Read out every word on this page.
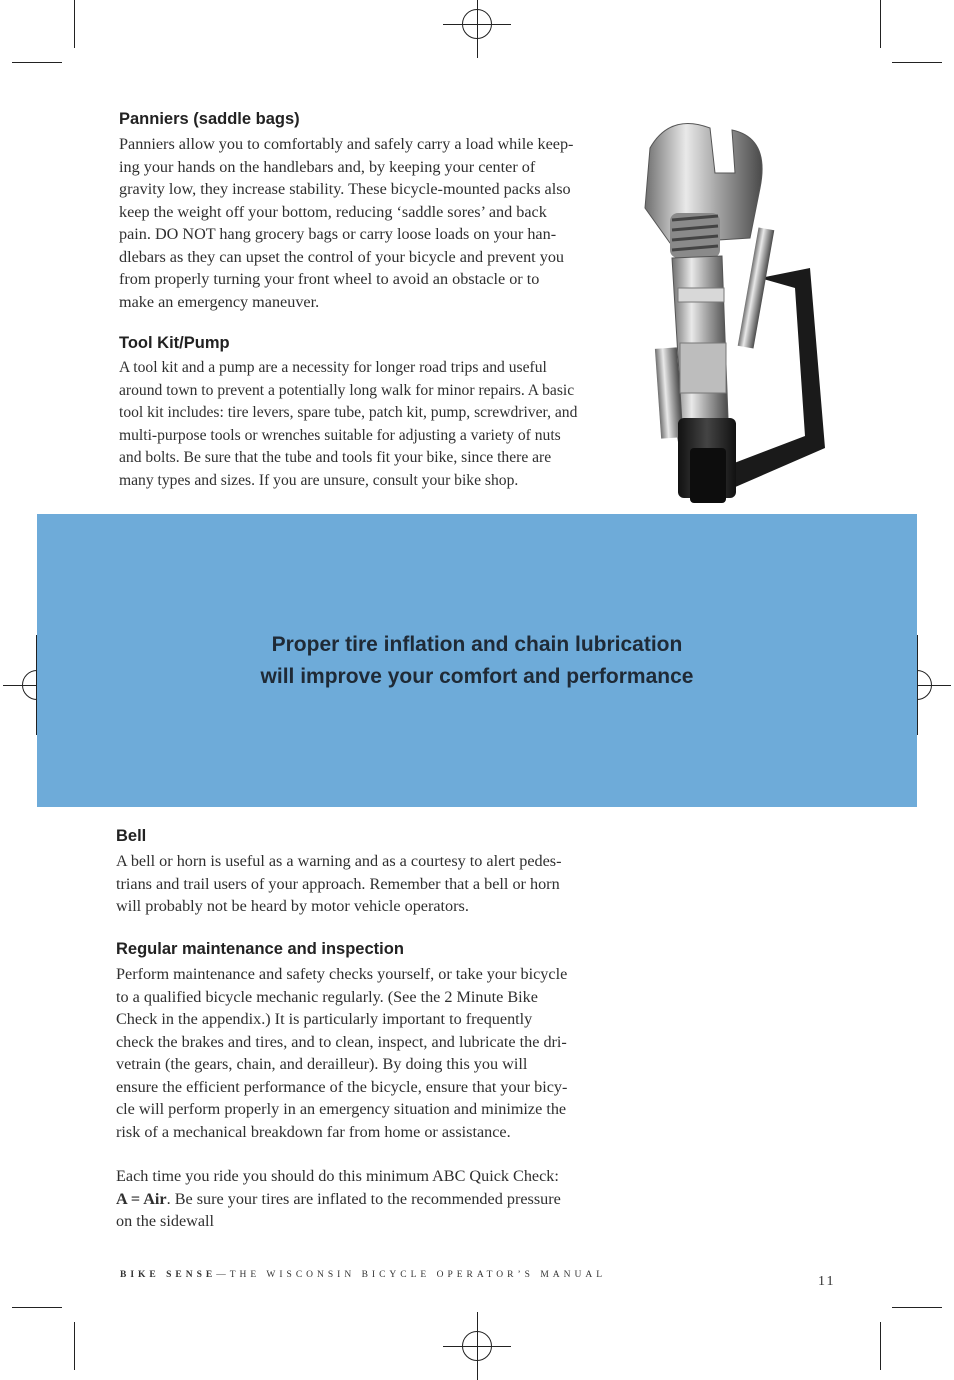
Panniers (saddle bags)

Panniers allow you to comfortably and safely carry a load while keep-
ing your hands on the handlebars and, by keeping your center of
gravity low, they increase stability. These bicycle-mounted packs also
keep the weight off your bottom, reducing ‘saddle sores’ and back
pain. DO NOT hang grocery bags or carry loose loads on your han-
dlebars as they can upset the control of your bicycle and prevent you
from properly turning your front wheel to avoid an obstacle or to
make an emergency maneuver.

Tool Kit/Pump

A tool kit and a pump are a necessity for longer road trips and useful
around town to prevent a potentially long walk for minor repairs. A basic
tool kit includes: tire levers, spare tube, patch kit, pump, screwdriver, and
multi-purpose tools or wrenches suitable for adjusting a variety of nuts
and bolts. Be sure that the tube and tools fit your bike, since there are
many types and sizes. If you are unsure, consult your bike shop.

Proper tire inflation and chain lubrication
will improve your comfort and performance

Bell

A bell or horn is useful as a warning and as a courtesy to alert pedes-
trians and trail users of your approach. Remember that a bell or horn
will probably not be heard by motor vehicle operators.

Regular maintenance and inspection

Perform maintenance and safety checks yourself, or take your bicycle
to a qualified bicycle mechanic regularly. (See the 2 Minute Bike
Check in the appendix.) It is particularly important to frequently
check the brakes and tires, and to clean, inspect, and lubricate the dri-
vetrain (the gears, chain, and derailleur). By doing this you will
ensure the efficient performance of the bicycle, ensure that your bicy-
cle will perform properly in an emergency situation and minimize the
risk of a mechanical breakdown far from home or assistance.

Each time you ride you should do this minimum ABC Quick Check:
A = Air. Be sure your tires are inflated to the recommended pressure
on the sidewall

BIKE SENSE—THE WISCONSIN BICYCLE OPERATOR’S MANUAL	11
